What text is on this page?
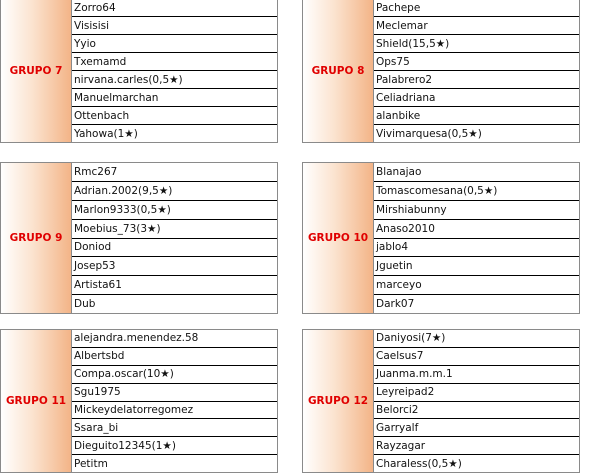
GRUPO 7
Zorro64
Visisisi
Yyio
Txemamd
nirvana.carles(0,5★)
Manuelmarchan
Ottenbach
Yahowa(1★)
GRUPO 8
Pachepe
Meclemar
Shield(15,5★)
Ops75
Palabrero2
Celiadriana
alanbike
Vivimarquesa(0,5★)
GRUPO 9
Rmc267
Adrian.2002(9,5★)
Marlon9333(0,5★)
Moebius_73(3★)
Doniod
Josep53
Artista61
Dub
GRUPO 10
Blanajao
Tomascomesana(0,5★)
Mirshiabunny
Anaso2010
jablo4
Jguetin
marceyo
Dark07
GRUPO 11
alejandra.menendez.58
Albertsbd
Compa.oscar(10★)
Sgu1975
Mickeydelatorregomez
Ssara_bi
Dieguito12345(1★)
Petitm
GRUPO 12
Daniyosi(7★)
Caelsus7
Juanma.m.m.1
Leyreipad2
Belorci2
Garryalf
Rayzagar
Charaless(0,5★)
